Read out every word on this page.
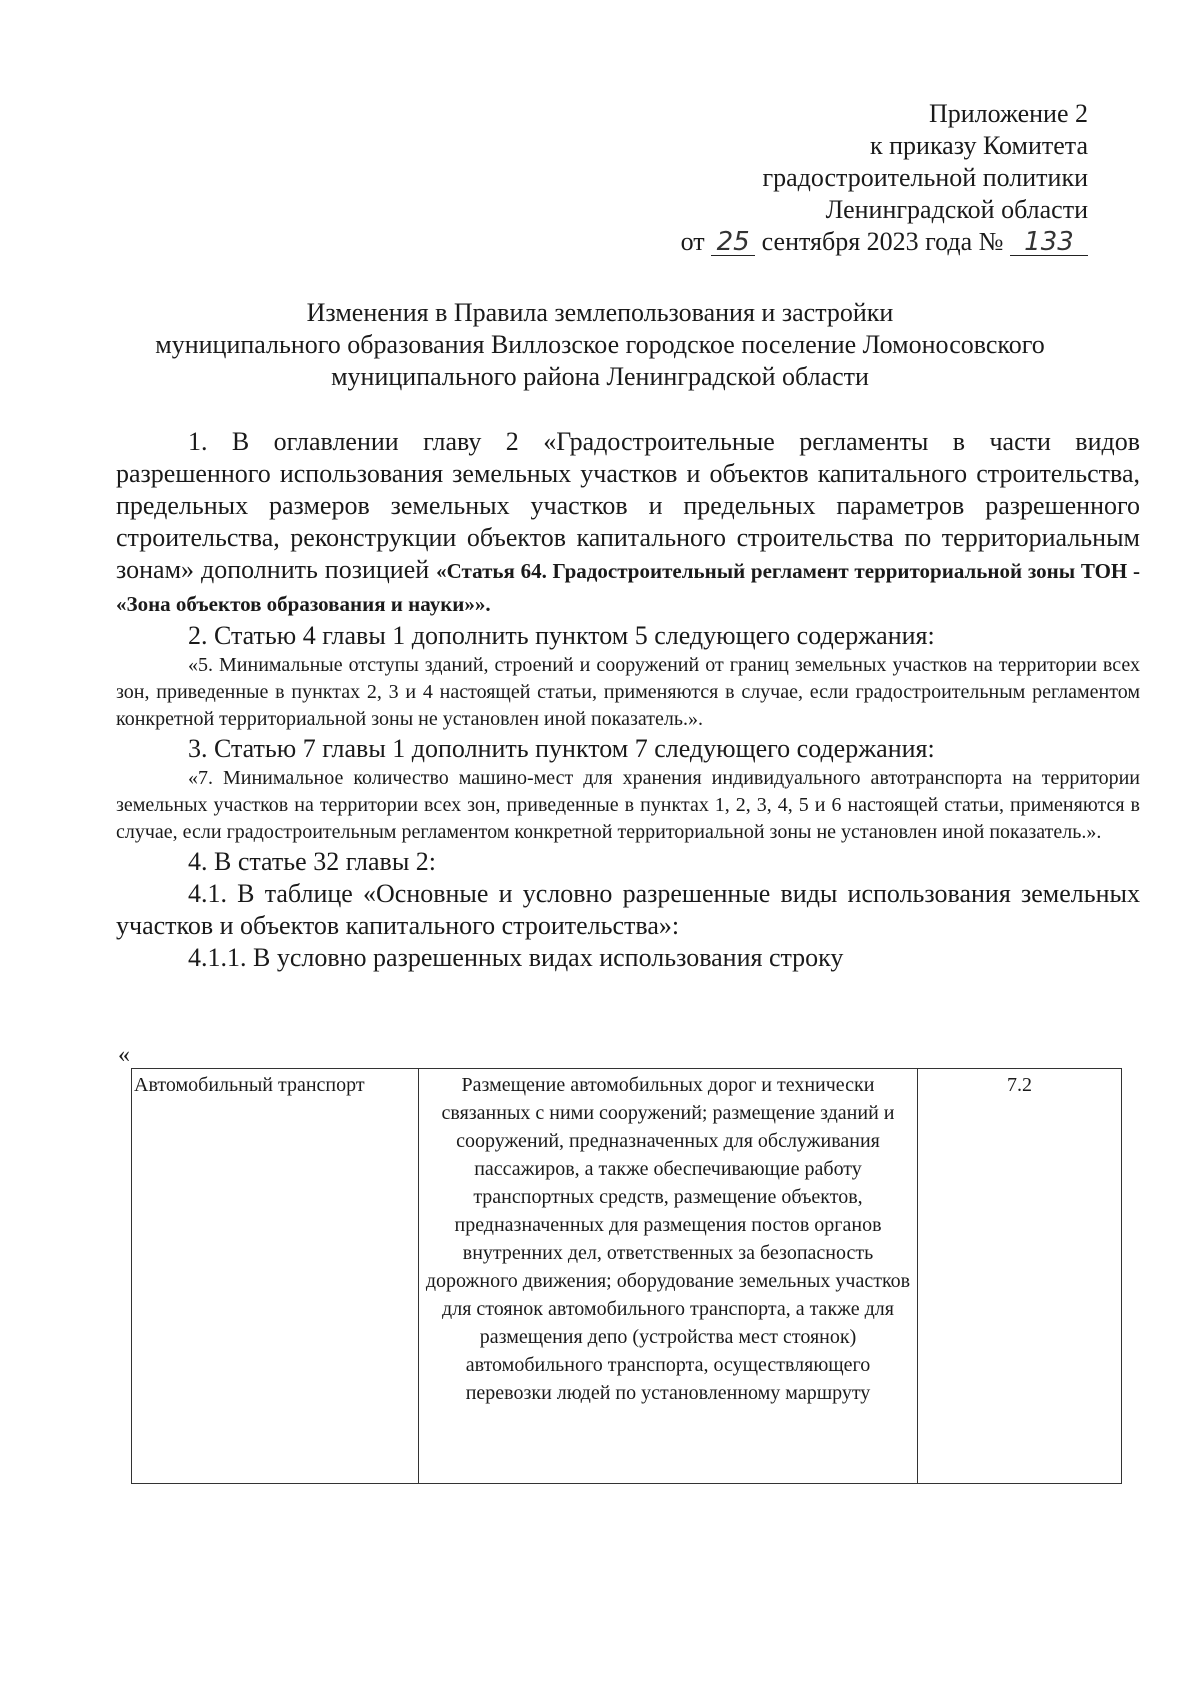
Приложение 2
к приказу Комитета
градостроительной политики
Ленинградской области
от 25 сентября 2023 года № 133
Изменения в Правила землепользования и застройки
муниципального образования Виллозское городское поселение Ломоносовского
муниципального района Ленинградской области

1. В оглавлении главу 2 «Градостроительные регламенты в части видов разрешенного использования земельных участков и объектов капитального строительства, предельных размеров земельных участков и предельных параметров разрешенного строительства, реконструкции объектов капитального строительства по территориальным зонам» дополнить позицией «Статья 64. Градостроительный регламент территориальной зоны ТОН - «Зона объектов образования и науки»».

2. Статью 4 главы 1 дополнить пунктом 5 следующего содержания:

«5. Минимальные отступы зданий, строений и сооружений от границ земельных участков на территории всех зон, приведенные в пунктах 2, 3 и 4 настоящей статьи, применяются в случае, если градостроительным регламентом конкретной территориальной зоны не установлен иной показатель.».

3. Статью 7 главы 1 дополнить пунктом 7 следующего содержания:

«7. Минимальное количество машино-мест для хранения индивидуального автотранспорта на территории земельных участков на территории всех зон, приведенные в пунктах 1, 2, 3, 4, 5 и 6 настоящей статьи, применяются в случае, если градостроительным регламентом конкретной территориальной зоны не установлен иной показатель.».

4. В статье 32 главы 2:

4.1. В таблице «Основные и условно разрешенные виды использования земельных участков и объектов капитального строительства»:

4.1.1. В условно разрешенных видах использования строку

«
Автомобильный транспорт	Размещение автомобильных дорог и технически связанных с ними сооружений; размещение зданий и сооружений, предназначенных для обслуживания пассажиров, а также обеспечивающие работу транспортных средств, размещение объектов, предназначенных для размещения постов органов внутренних дел, ответственных за безопасность дорожного движения; оборудование земельных участков для стоянок автомобильного транспорта, а также для размещения депо (устройства мест стоянок) автомобильного транспорта, осуществляющего перевозки людей по установленному маршруту	7.2
